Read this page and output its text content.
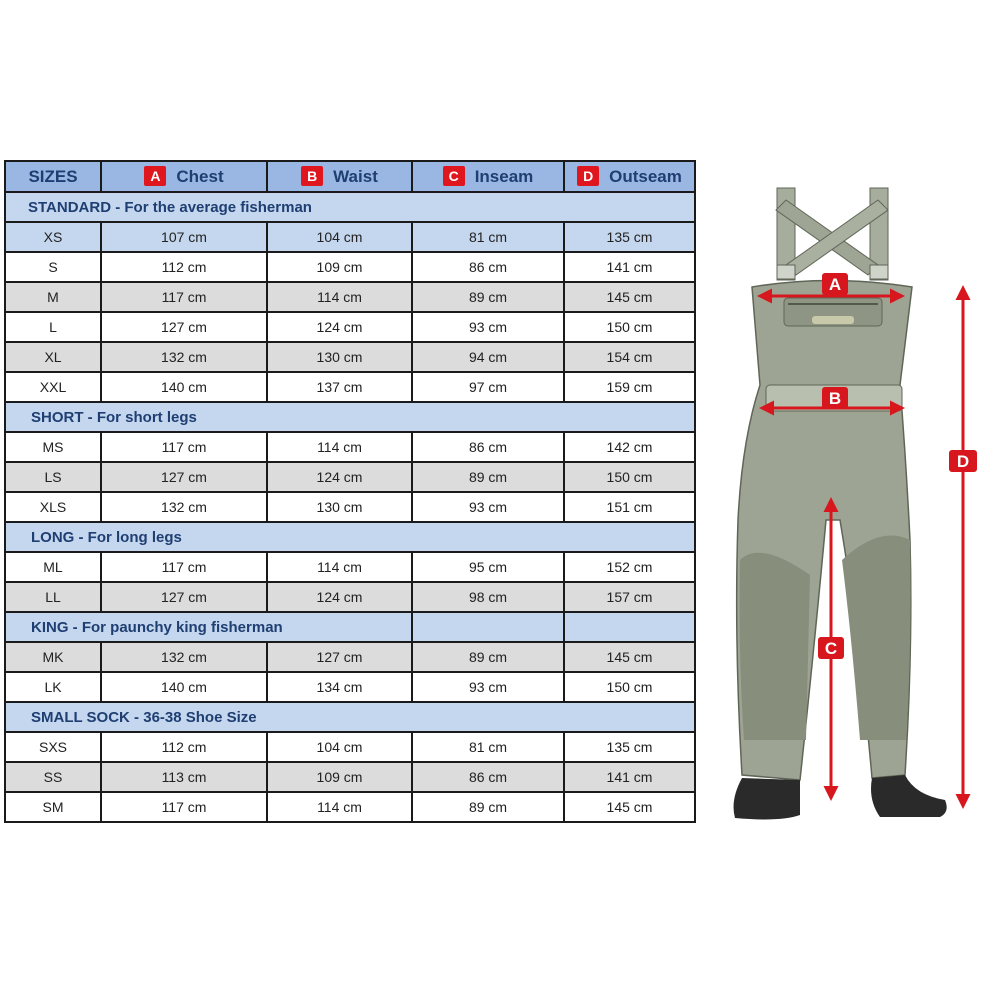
SIZES	A Chest	B Waist	C Inseam	D Outseam
STANDARD - For the average fisherman				
XS	107 cm	104 cm	81 cm	135 cm
S	112 cm	109 cm	86 cm	141 cm
M	117 cm	114 cm	89 cm	145 cm
L	127 cm	124 cm	93 cm	150 cm
XL	132 cm	130 cm	94 cm	154 cm
XXL	140 cm	137 cm	97 cm	159 cm
SHORT - For short legs				
MS	117 cm	114 cm	86 cm	142 cm
LS	127 cm	124 cm	89 cm	150 cm
XLS	132 cm	130 cm	93 cm	151 cm
LONG - For long legs				
ML	117 cm	114 cm	95 cm	152 cm
LL	127 cm	124 cm	98 cm	157 cm
KING - For paunchy king fisherman				
MK	132 cm	127 cm	89 cm	145 cm
LK	140 cm	134 cm	93 cm	150 cm
SMALL SOCK - 36-38 Shoe Size				
SXS	112 cm	104 cm	81 cm	135 cm
SS	113 cm	109 cm	86 cm	141 cm
SM	117 cm	114 cm	89 cm	145 cm
A
B
C
D
